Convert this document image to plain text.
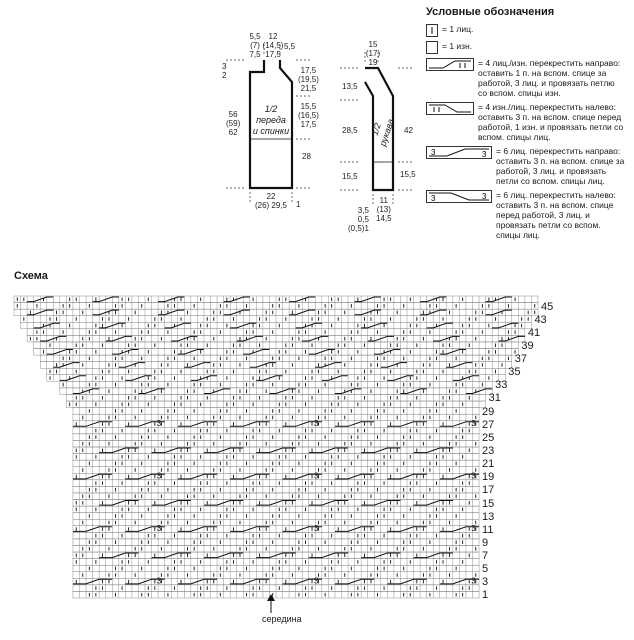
5,5
(7)
7,5
12
(14,5)
17,5
5,5
3
2
17,5
(19,5)
21,5
15,5
(16,5)
17,5
28
56
(59)
62
22
(26) 29,5	1
1/2
переда
и спинки
15
(17)
19
13,5
28,5
15,5
42
15,5
11
(13)
14,5
3,5
0,5
(0,5)1
1/2 рукава
Условные обозначения
= 1 лиц.
= 1 изн.
= 4 лиц./изн. перекрестить направо: оставить 1 п. на вспом. спице за работой, 3 лиц. и провязать петлю со вспом. спицы изн.
= 4 изн./лиц. перекрестить налево: оставить 3 п. на вспом. спице перед работой, 1 изн. и провязать петли со вспом. спицы лиц.
3	3 = 6 лиц. перекрестить направо: оставить 3 п. на вспом. спице за работой, 3 лиц. и провязать петли со вспом. спицы лиц.
3	3 = 6 лиц. перекрестить налево: оставить 3 п. на вспом. спице перед работой, 3 лиц. и провязать петли со вспом. спицы лиц.
Схема
3	3	3
3	3	3
3	3	3
3	3	3
45
43
41
39
37
35
33
31
29
27
25
23
21
19
17
15
13
11
9
7
5
3
1
середина
